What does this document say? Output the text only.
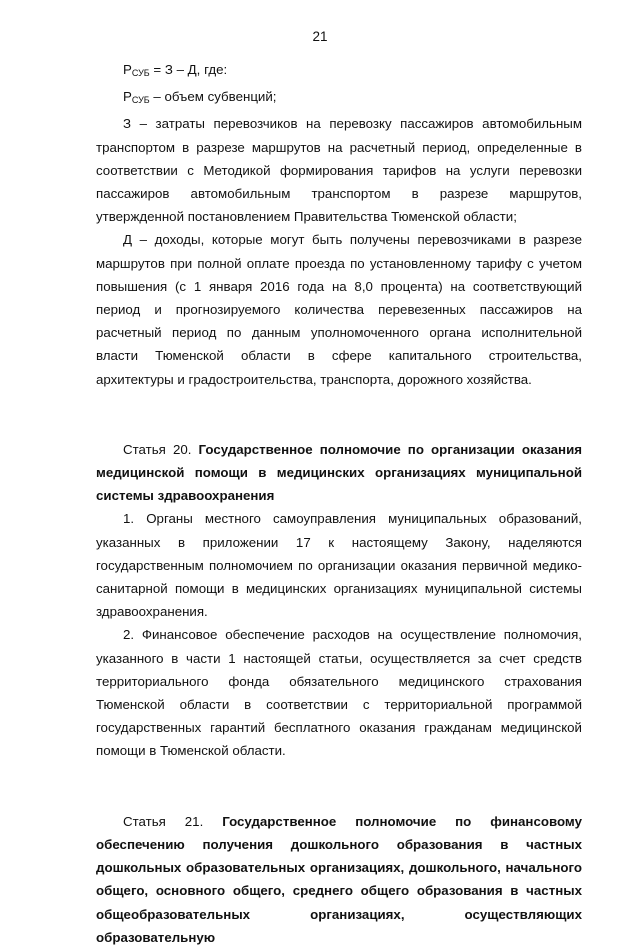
21

$Р_{СУБ} = З - Д$, где:

$Р_{СУБ}$ – объем субвенций;

З – затраты перевозчиков на перевозку пассажиров автомобильным транспортом в разрезе маршрутов на расчетный период, определенные в соответствии с Методикой формирования тарифов на услуги перевозки пассажиров автомобильным транспортом в разрезе маршрутов, утвержденной постановлением Правительства Тюменской области;

Д – доходы, которые могут быть получены перевозчиками в разрезе маршрутов при полной оплате проезда по установленному тарифу с учетом повышения (с 1 января 2016 года на 8,0 процента) на соответствующий период и прогнозируемого количества перевезенных пассажиров на расчетный период по данным уполномоченного органа исполнительной власти Тюменской области в сфере капитального строительства, архитектуры и градостроительства, транспорта, дорожного хозяйства.

Статья 20. Государственное полномочие по организации оказания медицинской помощи в медицинских организациях муниципальной системы здравоохранения

1. Органы местного самоуправления муниципальных образований, указанных в приложении 17 к настоящему Закону, наделяются государственным полномочием по организации оказания первичной медико-санитарной помощи в медицинских организациях муниципальной системы здравоохранения.

2. Финансовое обеспечение расходов на осуществление полномочия, указанного в части 1 настоящей статьи, осуществляется за счет средств территориального фонда обязательного медицинского страхования Тюменской области в соответствии с территориальной программой государственных гарантий бесплатного оказания гражданам медицинской помощи в Тюменской области.

Статья 21. Государственное полномочие по финансовому обеспечению получения дошкольного образования в частных дошкольных образовательных организациях, дошкольного, начального общего, основного общего, среднего общего образования в частных общеобразовательных организациях, осуществляющих образовательную
